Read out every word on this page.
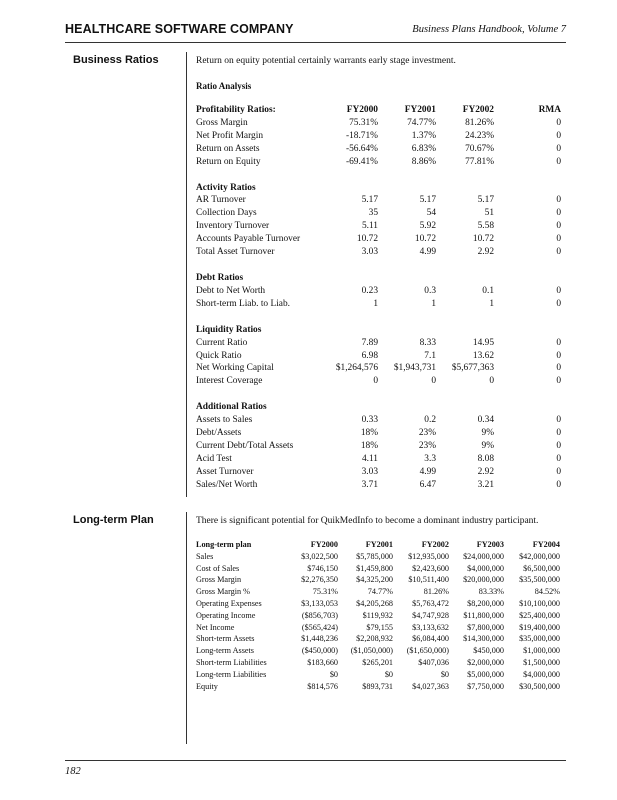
HEALTHCARE SOFTWARE COMPANY	Business Plans Handbook, Volume 7
Business Ratios	Return on equity potential certainly warrants early stage investment.
Ratio Analysis
Profitability Ratios:	FY2000	FY2001	FY2002	RMA
Gross Margin	75.31%	74.77%	81.26%	0
Net Profit Margin	-18.71%	1.37%	24.23%	0
Return on Assets	-56.64%	6.83%	70.67%	0
Return on Equity	-69.41%	8.86%	77.81%	0

Activity Ratios				
AR Turnover	5.17	5.17	5.17	0
Collection Days	35	54	51	0
Inventory Turnover	5.11	5.92	5.58	0
Accounts Payable Turnover	10.72	10.72	10.72	0
Total Asset Turnover	3.03	4.99	2.92	0

Debt Ratios				
Debt to Net Worth	0.23	0.3	0.1	0
Short-term Liab. to Liab.	1	1	1	0

Liquidity Ratios				
Current Ratio	7.89	8.33	14.95	0
Quick Ratio	6.98	7.1	13.62	0
Net Working Capital	$1,264,576	$1,943,731	$5,677,363	0
Interest Coverage	0	0	0	0

Additional Ratios				
Assets to Sales	0.33	0.2	0.34	0
Debt/Assets	18%	23%	9%	0
Current Debt/Total Assets	18%	23%	9%	0
Acid Test	4.11	3.3	8.08	0
Asset Turnover	3.03	4.99	2.92	0
Sales/Net Worth	3.71	6.47	3.21	0
Long-term Plan	There is significant potential for QuikMedInfo to become a dominant industry participant.
Long-term plan	FY2000	FY2001	FY2002	FY2003	FY2004
Sales	$3,022,500	$5,785,000	$12,935,000	$24,000,000	$42,000,000
Cost of Sales	$746,150	$1,459,800	$2,423,600	$4,000,000	$6,500,000
Gross Margin	$2,276,350	$4,325,200	$10,511,400	$20,000,000	$35,500,000
Gross Margin %	75.31%	74.77%	81.26%	83.33%	84.52%
Operating Expenses	$3,133,053	$4,205,268	$5,763,472	$8,200,000	$10,100,000
Operating Income	($856,703)	$119,932	$4,747,928	$11,800,000	$25,400,000
Net Income	($565,424)	$79,155	$3,133,632	$7,800,000	$19,400,000
Short-term Assets	$1,448,236	$2,208,932	$6,084,400	$14,300,000	$35,000,000
Long-term Assets	($450,000)	($1,050,000)	($1,650,000)	$450,000	$1,000,000
Short-term Liabilities	$183,660	$265,201	$407,036	$2,000,000	$1,500,000
Long-term Liabilities	$0	$0	$0	$5,000,000	$4,000,000
Equity	$814,576	$893,731	$4,027,363	$7,750,000	$30,500,000
182
